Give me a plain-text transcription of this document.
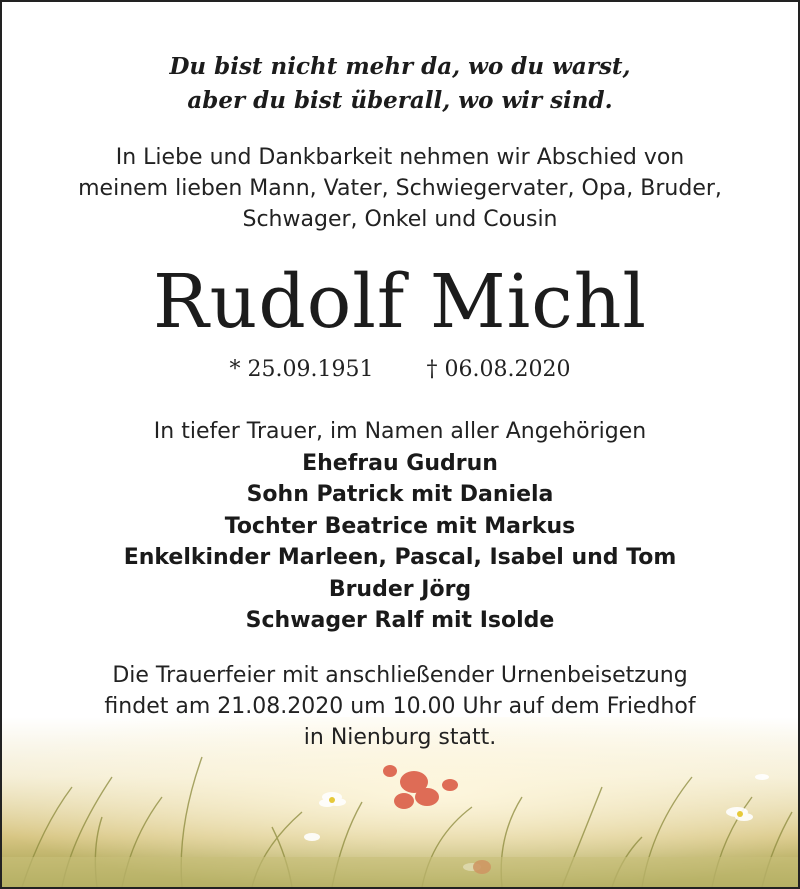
Du bist nicht mehr da, wo du warst,
aber du bist überall, wo wir sind.
In Liebe und Dankbarkeit nehmen wir Abschied von
meinem lieben Mann, Vater, Schwiegervater, Opa, Bruder,
Schwager, Onkel und Cousin
Rudolf Michl
* 25.09.1951 † 06.08.2020
In tiefer Trauer, im Namen aller Angehörigen
Ehefrau Gudrun
Sohn Patrick mit Daniela
Tochter Beatrice mit Markus
Enkelkinder Marleen, Pascal, Isabel und Tom
Bruder Jörg
Schwager Ralf mit Isolde
Die Trauerfeier mit anschließender Urnenbeisetzung
findet am 21.08.2020 um 10.00 Uhr auf dem Friedhof
in Nienburg statt.
